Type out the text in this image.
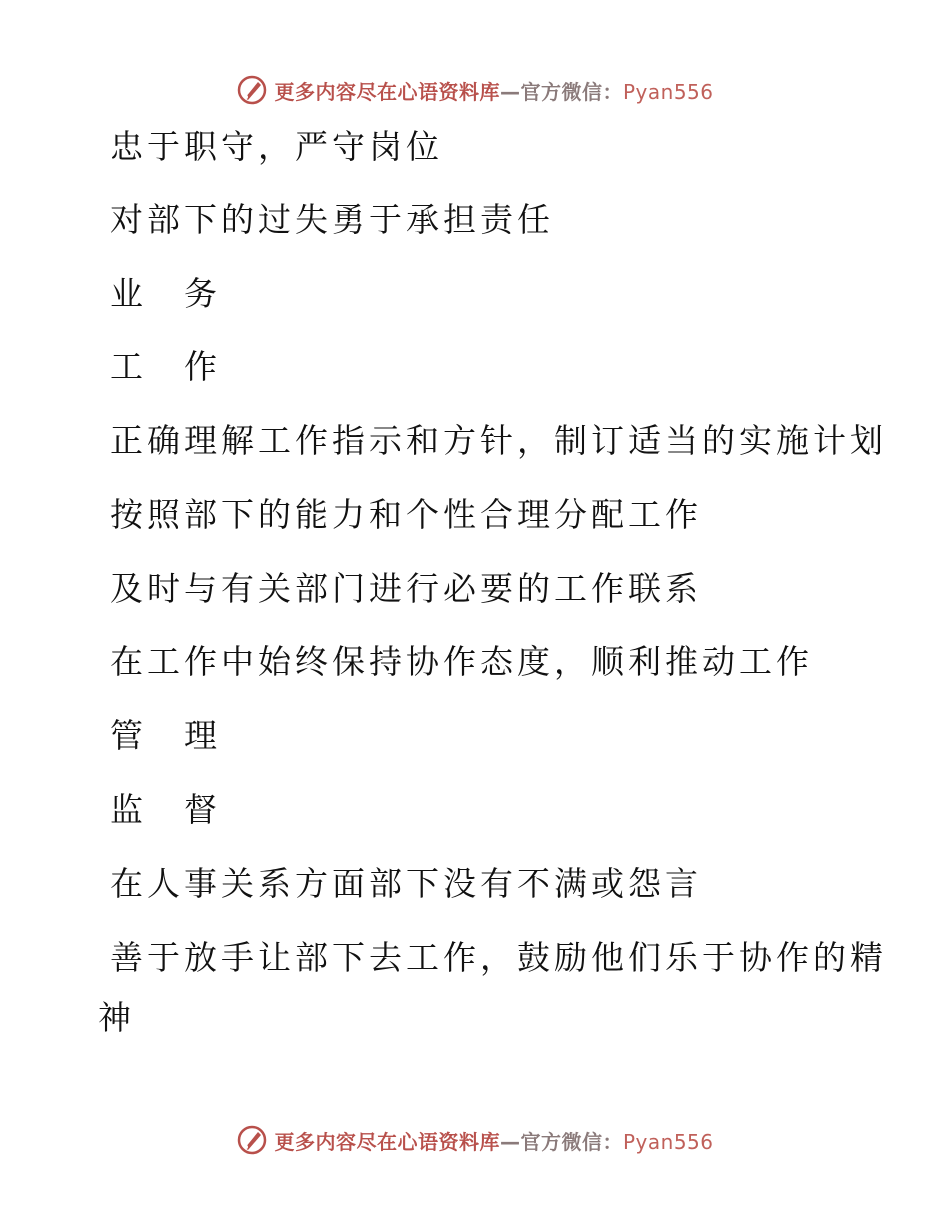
更多内容尽在心语资料库—官方微信：Pyan556
忠于职守，严守岗位
对部下的过失勇于承担责任
业　务
工　作
正确理解工作指示和方针，制订适当的实施计划
按照部下的能力和个性合理分配工作
及时与有关部门进行必要的工作联系
在工作中始终保持协作态度，顺利推动工作
管　理
监　督
在人事关系方面部下没有不满或怨言
善于放手让部下去工作，鼓励他们乐于协作的精
神
更多内容尽在心语资料库—官方微信：Pyan556
